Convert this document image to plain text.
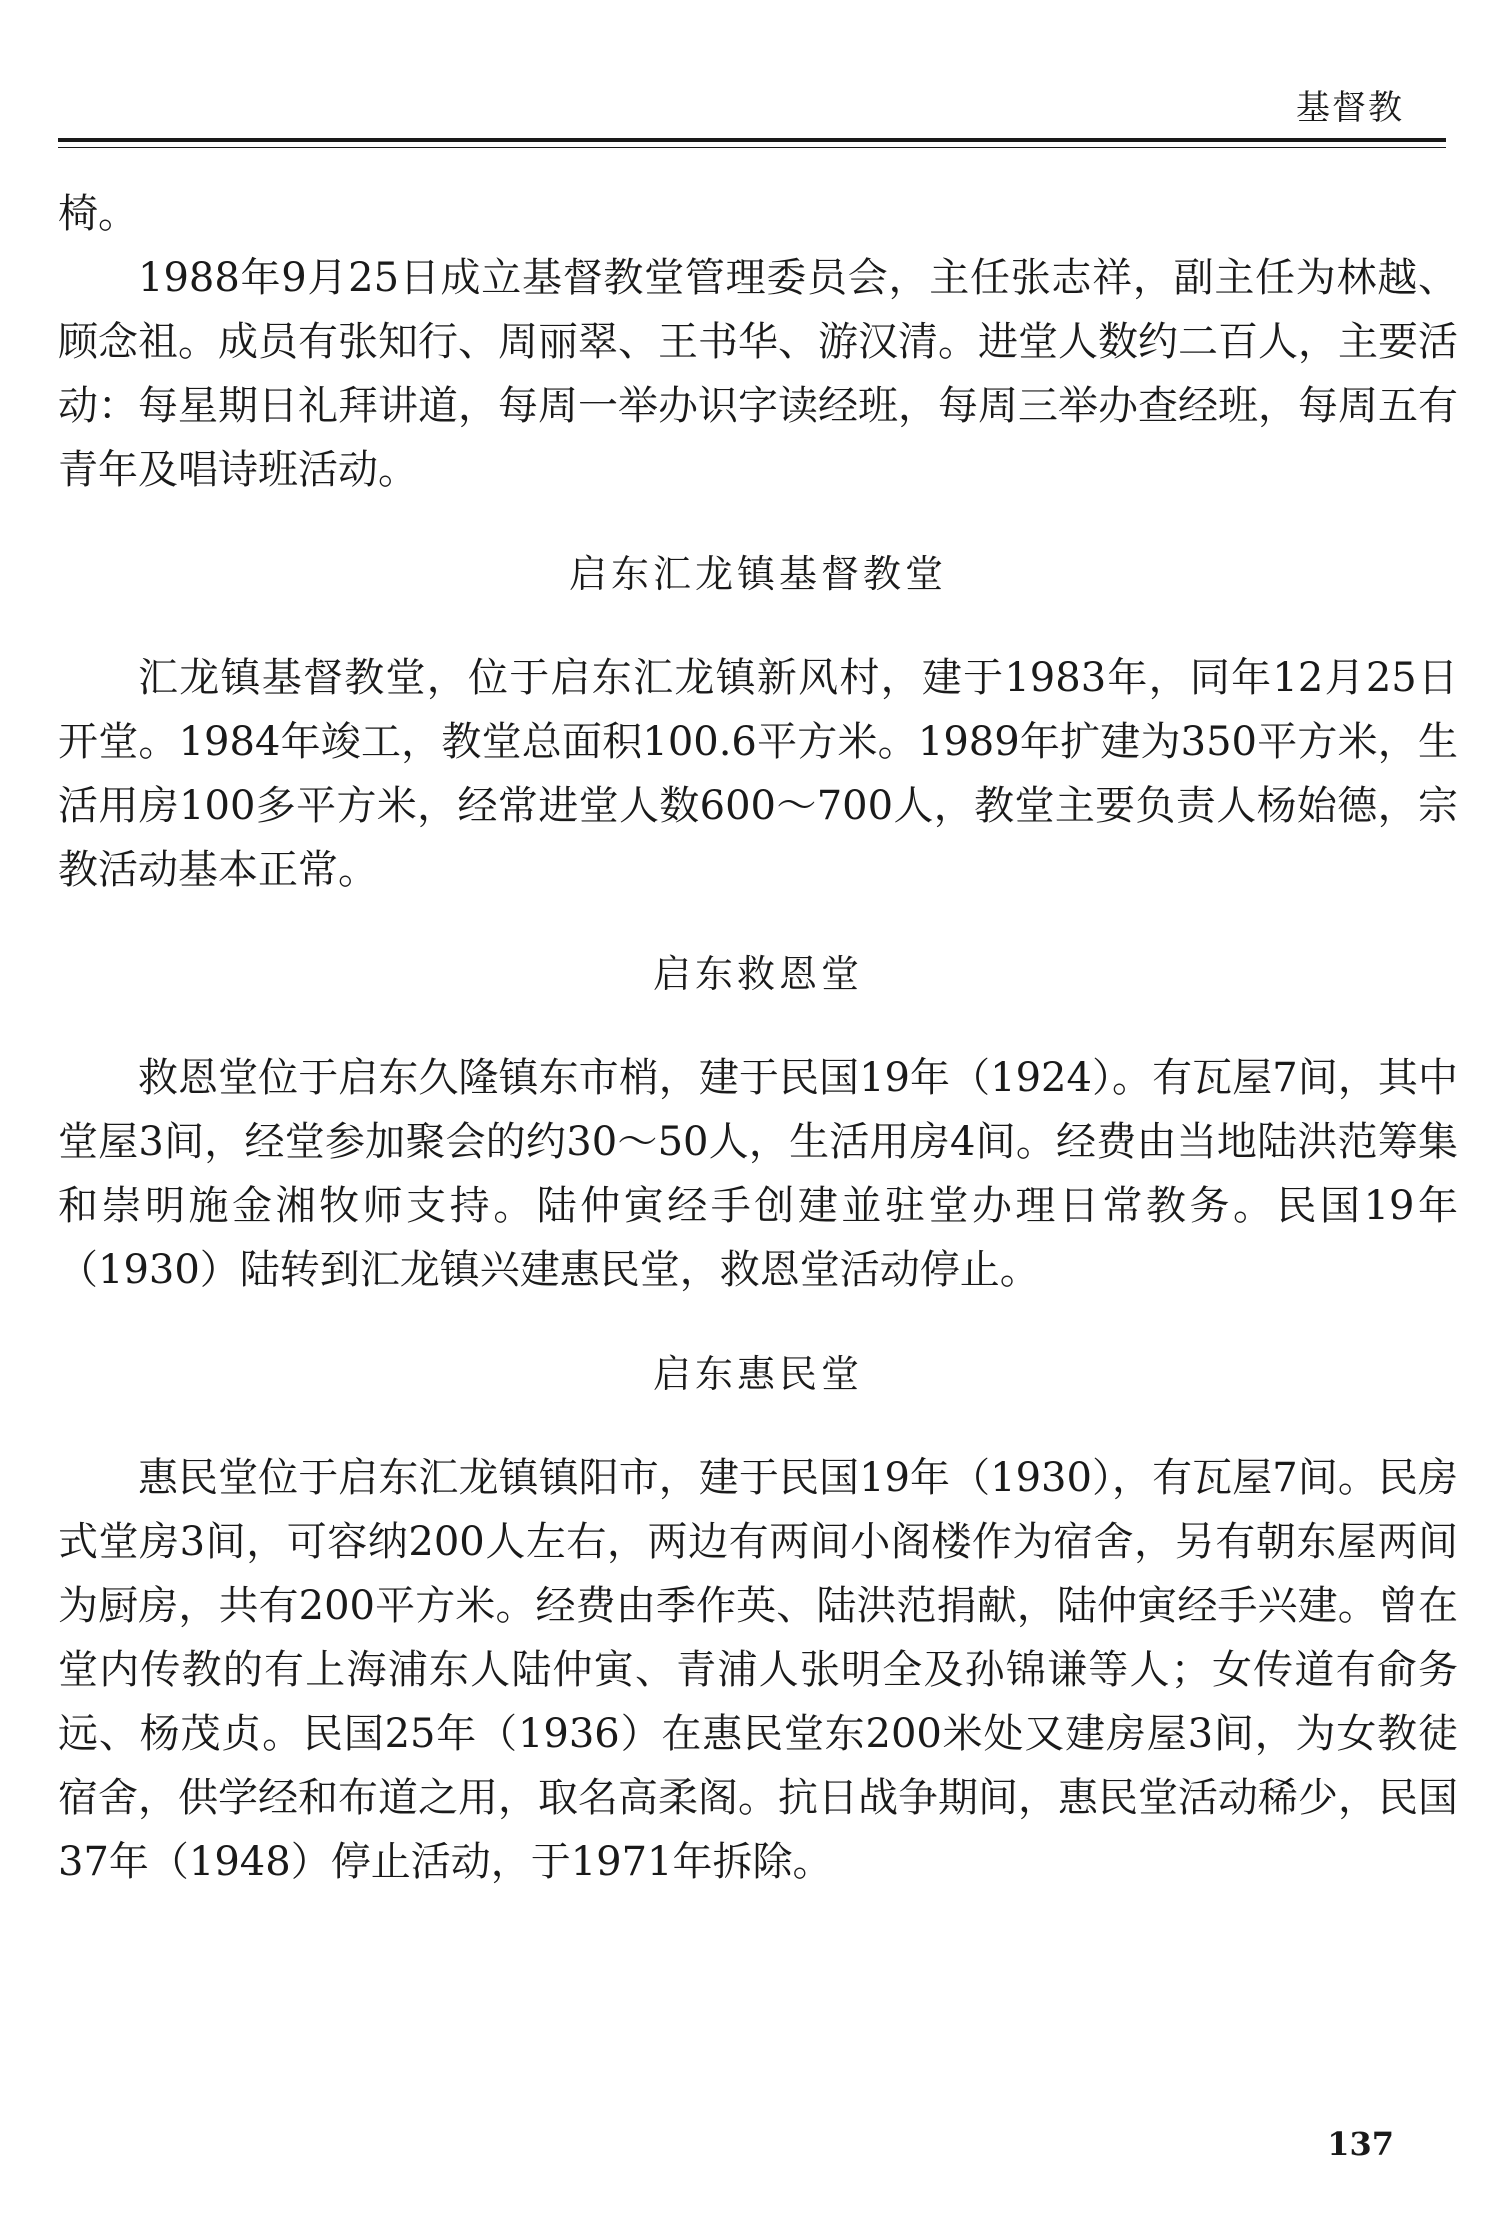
基督教

椅。

1988年9月25日成立基督教堂管理委员会，主任张志祥，副主任为林越、顾念祖。成员有张知行、周丽翠、王书华、游汉清。进堂人数约二百人，主要活动：每星期日礼拜讲道，每周一举办识字读经班，每周三举办查经班，每周五有青年及唱诗班活动。

启东汇龙镇基督教堂

汇龙镇基督教堂，位于启东汇龙镇新风村，建于1983年，同年12月25日开堂。1984年竣工，教堂总面积100.6平方米。1989年扩建为350平方米，生活用房100多平方米，经常进堂人数600～700人，教堂主要负责人杨始德，宗教活动基本正常。

启东救恩堂

救恩堂位于启东久隆镇东市梢，建于民国19年（1924）。有瓦屋7间，其中堂屋3间，经堂参加聚会的约30～50人，生活用房4间。经费由当地陆洪范筹集和崇明施金湘牧师支持。陆仲寅经手创建並驻堂办理日常教务。民国19年（1930）陆转到汇龙镇兴建惠民堂，救恩堂活动停止。

启东惠民堂

惠民堂位于启东汇龙镇镇阳市，建于民国19年（1930），有瓦屋7间。民房式堂房3间，可容纳200人左右，两边有两间小阁楼作为宿舍，另有朝东屋两间为厨房，共有200平方米。经费由季作英、陆洪范捐献，陆仲寅经手兴建。曾在堂内传教的有上海浦东人陆仲寅、青浦人张明全及孙锦谦等人；女传道有俞务远、杨茂贞。民国25年（1936）在惠民堂东200米处又建房屋3间，为女教徒宿舍，供学经和布道之用，取名高柔阁。抗日战争期间，惠民堂活动稀少，民国37年（1948）停止活动，于1971年拆除。

137
